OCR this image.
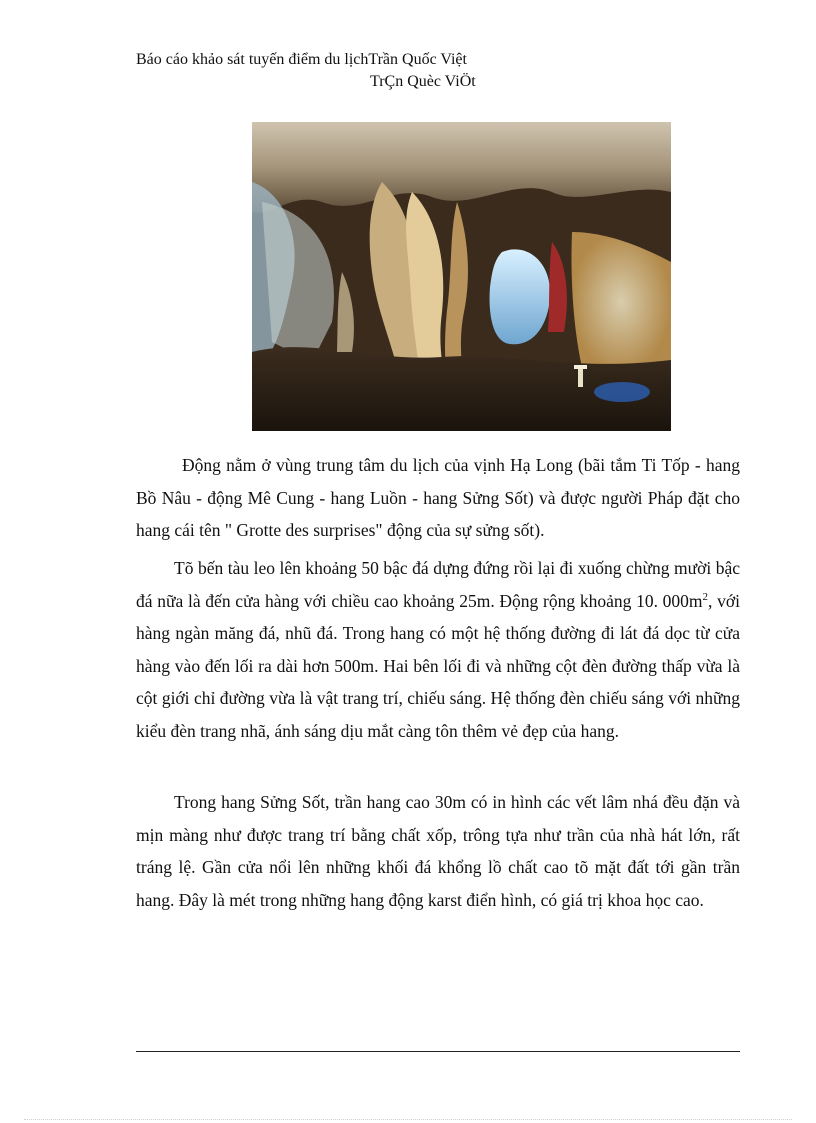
Báo cáo khảo sát tuyến điểm du lịchTrần Quốc Việt
TrÇn Quèc ViÖt

Động nằm ở vùng trung tâm du lịch của vịnh Hạ Long (bãi tắm Ti Tốp - hang Bồ Nâu - động Mê Cung - hang Luồn - hang Sửng Sốt) và được người Pháp đặt cho hang cái tên " Grotte des surprises" động của sự sửng sốt).

Tõ bến tàu leo lên khoảng 50 bậc đá dựng đứng rồi lại đi xuống chừng mười bậc đá nữa là đến cửa hàng với chiều cao khoảng 25m. Động rộng khoảng 10. $000m^2$, với hàng ngàn măng đá, nhũ đá. Trong hang có một hệ thống đường đi lát đá dọc từ cửa hàng vào đến lối ra dài hơn 500m. Hai bên lối đi và những cột đèn đường thấp vừa là cột giới chỉ đường vừa là vật trang trí, chiếu sáng. Hệ thống đèn chiếu sáng với những kiểu đèn trang nhã, ánh sáng dịu mắt càng tôn thêm vẻ đẹp của hang.

Trong hang Sửng Sốt, trần hang cao 30m có in hình các vết lâm nhá đều đặn và mịn màng như được trang trí bằng chất xốp, trông tựa như trần của nhà hát lớn, rất tráng lệ. Gần cửa nổi lên những khối đá khổng lồ chất cao tõ mặt đất tới gần trần hang. Đây là mét trong những hang động karst điển hình, có giá trị khoa học cao.
